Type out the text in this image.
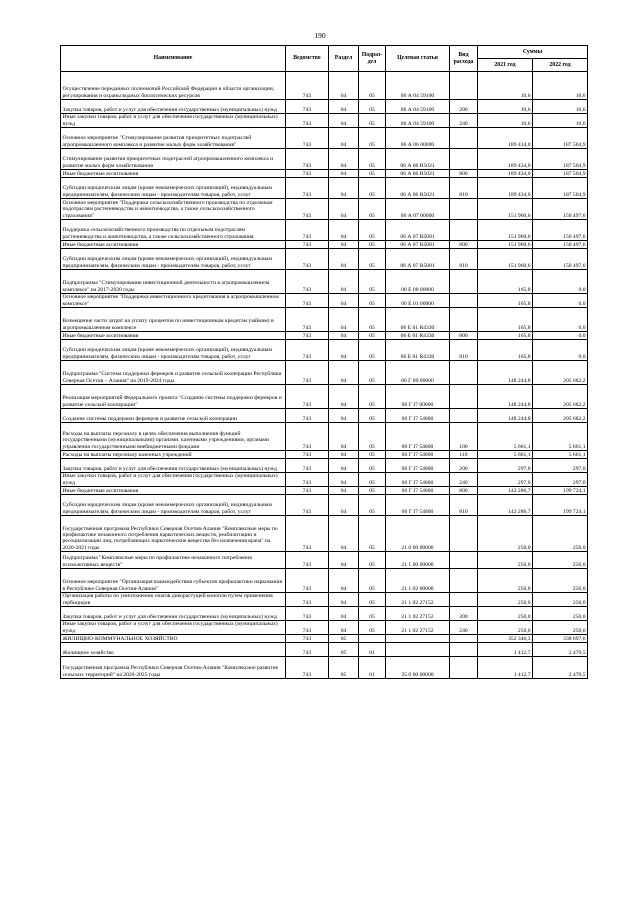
190
Наименование	Ведомство	Раздел	Подраз-дел	Целевая статья	Вид расхода	Суммы	
						2021 год	2022 год
Осуществление переданных полномочий Российской Федерации в области организации, регулирования и охраны водных биологических ресурсов	743	04	05	06 А 04 59100		10,6	10,6
Закупка товаров, работ и услуг для обеспечения государственных (муниципальных) нужд	743	04	05	06 А 04 59100	200	10,6	10,6
Иные закупки товаров, работ и услуг для обеспечения государственных (муниципальных) нужд	743	04	05	06 А 04 59100	240	10,6	10,6
Основное мероприятие "Стимулирование развития приоритетных подотраслей агропромышленного комплекса и развитие малых форм хозяйствования"	743	04	05	06 А 06 00000		189 434,0	187 504,9
Стимулирование развития приоритетных подотраслей агропромышленного комплекса и развитие малых форм хозяйствования	743	04	05	06 А 06 R5021		189 434,0	187 504,9
Иные бюджетные ассигнования	743	04	05	06 А 06 R5021	800	189 434,0	187 504,9
Субсидии юридическим лицам (кроме некоммерческих организаций), индивидуальным предпринимателям, физическим лицам - производителям товаров, работ, услуг	743	04	05	06 А 06 R5021	810	189 434,0	187 504,9
Основное мероприятие "Поддержка сельскохозяйственного производства по отдельным подотраслям растениеводства и животноводства, а также сельскохозяйственного страхования"	743	04	05	06 А 07 00000		151 960,6	150 497,6
Поддержка сельскохозяйственного производства по отдельным подотраслям растениеводства и животноводства, а также сельскохозяйственного страхования	743	04	05	06 А 07 R5081		151 960,6	150 497,6
Иные бюджетные ассигнования	743	04	05	06 А 07 R5081	800	151 960,6	150 497,6
Субсидии юридическим лицам (кроме некоммерческих организаций), индивидуальным предпринимателям, физическим лицам - производителям товаров, работ, услуг	743	04	05	06 А 07 R5081	810	151 960,6	150 497,6
Подпрограмма "Стимулирование инвестиционной деятельности в агропромышленном комплексе" на 2017-2020 годы	743	04	05	06 Е 00 00000		165,8	0,0
Основное мероприятие "Поддержка инвестиционного кредитования в агропромышленном комплексе"	743	04	05	06 Е 01 00000		165,8	0,0
Возмещение части затрат на уплату процентов по инвестиционным кредитам (займам) в агропромышленном комплексе	743	04	05	06 Е 01 R4330		165,8	0,0
Иные бюджетные ассигнования	743	04	05	06 Е 01 R4330	800	165,8	0,0
Субсидии юридическим лицам (кроме некоммерческих организаций), индивидуальным предпринимателям, физическим лицам - производителям товаров, работ, услуг	743	04	05	06 Е 01 R4330	810	165,8	0,0
Подпрограмма "Система поддержки фермеров и развитие сельской кооперации Республики Северная Осетия – Алания" на 2019-2024 годы	743	04	05	06 Г 00 00000		148 244,8	205 682,2
Реализация мероприятий Федерального проекта "Создание системы поддержки фермеров и развитие сельской кооперации"	743	04	05	06 Г I7 00000		148 244,8	205 682,2
Создание системы поддержки фермеров и развитие сельской кооперации	743	04	05	06 Г I7 54800		148 244,8	205 682,2
Расходы на выплаты персоналу в целях обеспечения выполнения функций государственными (муниципальными) органами, казенными учреждениями, органами управления государственными внебюджетными фондами	743	04	05	06 Г I7 54800	100	5 661,1	5 661,1
Расходы на выплаты персоналу казенных учреждений	743	04	05	06 Г I7 54800	110	5 661,1	5 661,1
Закупка товаров, работ и услуг для обеспечения государственных (муниципальных) нужд	743	04	05	06 Г I7 54800	200	297,0	297,0
Иные закупки товаров, работ и услуг для обеспечения государственных (муниципальных) нужд	743	04	05	06 Г I7 54800	240	297,0	297,0
Иные бюджетные ассигнования	743	04	05	06 Г I7 54800	800	142 286,7	199 724,1
Субсидии юридическим лицам (кроме некоммерческих организаций), индивидуальным предпринимателям, физическим лицам - производителям товаров, работ, услуг	743	04	05	06 Г I7 54800	810	142 286,7	199 724,1
Государственная программа Республики Северная Осетия-Алания "Комплексные меры по профилактике незаконного потребления наркотических веществ, реабилитации и ресоциализации лиц, потребляющих наркотические вещества без назначения врача" на 2020-2021 годы	743	04	05	21 0 00 00000		250,0	250,0
Подпрограмма "Комплексные меры по профилактике незаконного потребления психоактивных веществ"	743	04	05	21 1 00 00000		250,0	250,0
Основное мероприятие "Организация взаимодействия субъектов профилактики наркомании в Республике Северная Осетия-Алания"	743	04	05	21 1 02 00000		250,0	250,0
Организация работы по уничтожению очагов дикорастущей конопли путем применения гербицидов	743	04	05	21 1 02 27152		250,0	250,0
Закупка товаров, работ и услуг для обеспечения государственных (муниципальных) нужд	743	04	05	21 1 02 27152	200	250,0	250,0
Иные закупки товаров, работ и услуг для обеспечения государственных (муниципальных) нужд	743	04	05	21 1 02 27152	240	250,0	250,0
ЖИЛИЩНО-КОММУНАЛЬНОЕ ХОЗЯЙСТВО	743	05				352 346,3	338 697,6
Жилищное хозяйство	743	05	01			1 412,7	2 470,5
Государственная программа Республики Северная Осетия-Алания "Комплексное развитие сельских территорий" на 2020-2025 годы	743	05	01	35 0 00 00000		1 412,7	2 470,5
